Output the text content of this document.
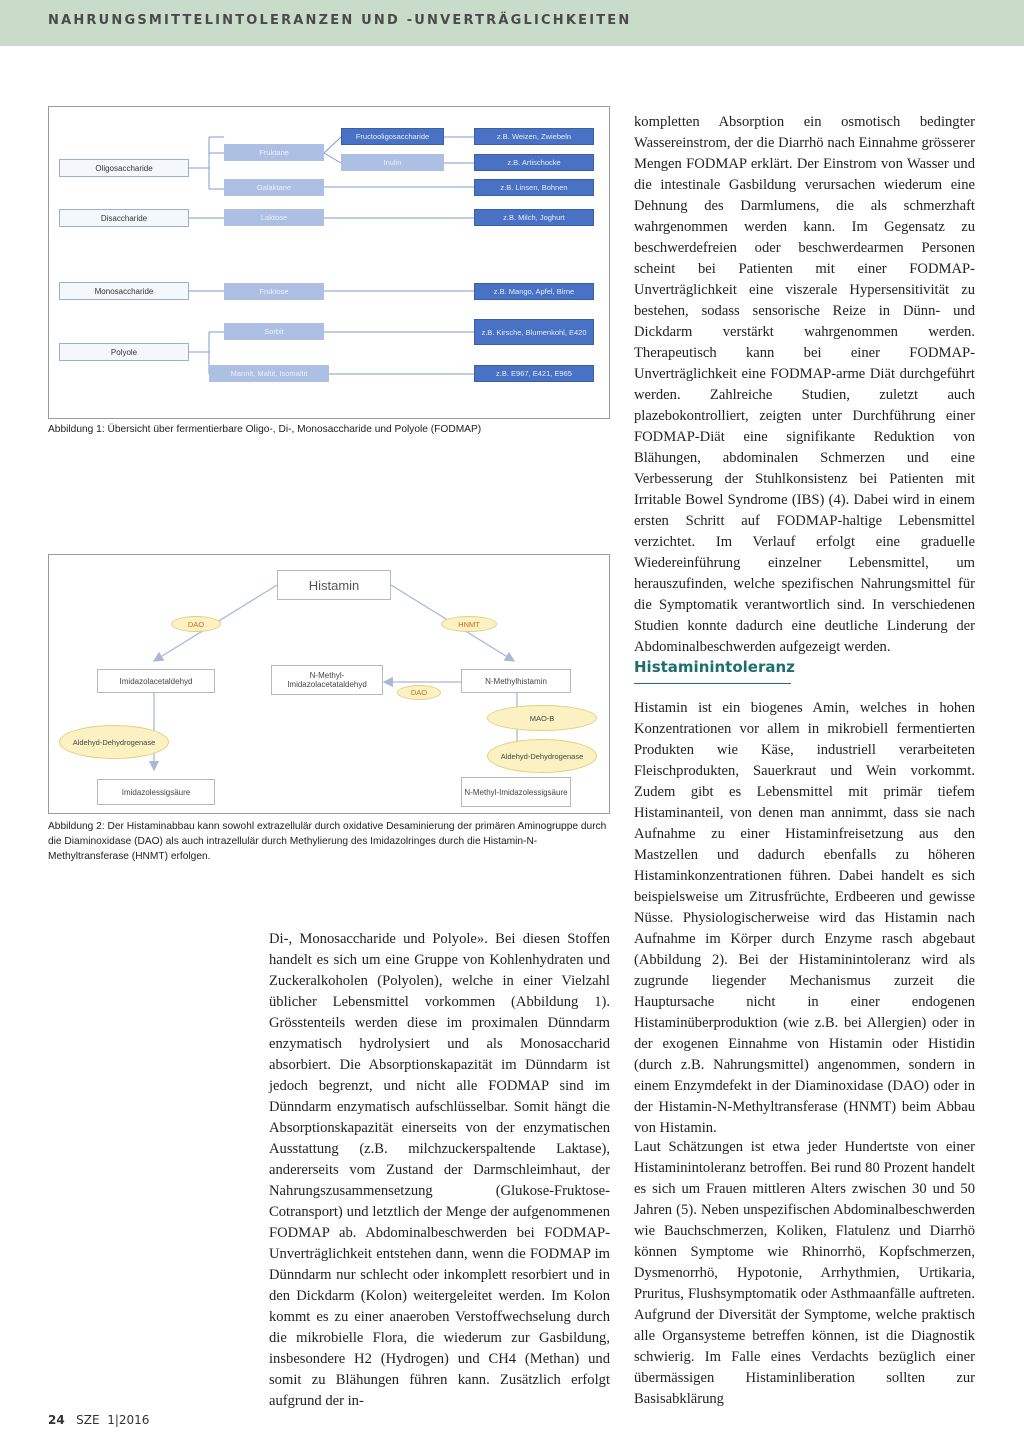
NAHRUNGSMITTELINTOLERANZEN UND -UNVERTRÄGLICHKEITEN
Oligosaccharide
Disaccharide
Monosaccharide
Polyole
Fruktane
Galaktane
Laktose
Fruktose
Sorbit
Mannit, Maltit, Isomaltit
Fructooligosaccharide
Inulin
z.B. Weizen, Zwiebeln
z.B. Artischocke
z.B. Linsen, Bohnen
z.B. Milch, Joghurt
z.B. Mango, Apfel, Birne
z.B. Kirsche, Blumenkohl, E420
z.B. E967, E421, E965
Abbildung 1: Übersicht über fermentierbare Oligo-, Di-, Monosaccharide und Polyole (FODMAP)
Histamin
DAO	HNMT
Imidazolacetaldehyd
N-Methyl-Imidazolacetataldehyd	N-Methylhistamin
DAO
MAO-B
Aldehyd-Dehydrogenase
Aldehyd-Dehydrogenase
Imidazolessigsäure	N-Methyl-Imidazolessigsäure
Abbildung 2: Der Histaminabbau kann sowohl extrazellulär durch oxidative Desaminierung der primären Aminogruppe durch die Diaminoxidase (DAO) als auch intrazellulär durch Methylierung des Imidazolringes durch die Histamin-N-Methyltransferase (HNMT) erfolgen.

Di-, Monosaccharide und Polyole». Bei diesen Stoffen handelt es sich um eine Gruppe von Kohlenhydraten und Zuckeralkoholen (Polyolen), welche in einer Vielzahl üblicher Lebensmittel vorkommen (Abbildung 1). Grösstenteils werden diese im proximalen Dünndarm enzymatisch hydrolysiert und als Monosaccharid absorbiert. Die Absorptionskapazität im Dünndarm ist jedoch begrenzt, und nicht alle FODMAP sind im Dünndarm enzymatisch aufschlüsselbar. Somit hängt die Absorptionskapazität einerseits von der enzymatischen Ausstattung (z.B. milchzuckerspaltende Laktase), andererseits vom Zustand der Darmschleimhaut, der Nahrungszusammensetzung (Glukose-Fruktose-Cotransport) und letztlich der Menge der aufgenommenen FODMAP ab. Abdominalbeschwerden bei FODMAP-Unverträglichkeit entstehen dann, wenn die FODMAP im Dünndarm nur schlecht oder inkomplett resorbiert und in den Dickdarm (Kolon) weitergeleitet werden. Im Kolon kommt es zu einer anaeroben Verstoffwechselung durch die mikrobielle Flora, die wiederum zur Gasbildung, insbesondere H2 (Hydrogen) und CH4 (Methan) und somit zu Blähungen führen kann. Zusätzlich erfolgt aufgrund der in-

kompletten Absorption ein osmotisch bedingter Wassereinstrom, der die Diarrhö nach Einnahme grösserer Mengen FODMAP erklärt. Der Einstrom von Wasser und die intestinale Gasbildung verursachen wiederum eine Dehnung des Darmlumens, die als schmerzhaft wahrgenommen werden kann. Im Gegensatz zu beschwerdefreien oder beschwerdearmen Personen scheint bei Patienten mit einer FODMAP-Unverträglichkeit eine viszerale Hypersensitivität zu bestehen, sodass sensorische Reize in Dünn- und Dickdarm verstärkt wahrgenommen werden. Therapeutisch kann bei einer FODMAP-Unverträglichkeit eine FODMAP-arme Diät durchgeführt werden. Zahlreiche Studien, zuletzt auch plazebokontrolliert, zeigten unter Durchführung einer FODMAP-Diät eine signifikante Reduktion von Blähungen, abdominalen Schmerzen und eine Verbesserung der Stuhlkonsistenz bei Patienten mit Irritable Bowel Syndrome (IBS) (4). Dabei wird in einem ersten Schritt auf FODMAP-haltige Lebensmittel verzichtet. Im Verlauf erfolgt eine graduelle Wiedereinführung einzelner Lebensmittel, um herauszufinden, welche spezifischen Nahrungsmittel für die Symptomatik verantwortlich sind. In verschiedenen Studien konnte dadurch eine deutliche Linderung der Abdominalbeschwerden aufgezeigt werden.

Histaminintoleranz

Histamin ist ein biogenes Amin, welches in hohen Konzentrationen vor allem in mikrobiell fermentierten Produkten wie Käse, industriell verarbeiteten Fleischprodukten, Sauerkraut und Wein vorkommt. Zudem gibt es Lebensmittel mit primär tiefem Histaminanteil, von denen man annimmt, dass sie nach Aufnahme zu einer Histaminfreisetzung aus den Mastzellen und dadurch ebenfalls zu höheren Histaminkonzentrationen führen. Dabei handelt es sich beispielsweise um Zitrusfrüchte, Erdbeeren und gewisse Nüsse. Physiologischerweise wird das Histamin nach Aufnahme im Körper durch Enzyme rasch abgebaut (Abbildung 2). Bei der Histaminintoleranz wird als zugrunde liegender Mechanismus zurzeit die Hauptursache nicht in einer endogenen Histaminüberproduktion (wie z.B. bei Allergien) oder in der exogenen Einnahme von Histamin oder Histidin (durch z.B. Nahrungsmittel) angenommen, sondern in einem Enzymdefekt in der Diaminoxidase (DAO) oder in der Histamin-N-Methyltransferase (HNMT) beim Abbau von Histamin.

Laut Schätzungen ist etwa jeder Hundertste von einer Histaminintoleranz betroffen. Bei rund 80 Prozent handelt es sich um Frauen mittleren Alters zwischen 30 und 50 Jahren (5). Neben unspezifischen Abdominalbeschwerden wie Bauchschmerzen, Koliken, Flatulenz und Diarrhö können Symptome wie Rhinorrhö, Kopfschmerzen, Dysmenorrhö, Hypotonie, Arrhythmien, Urtikaria, Pruritus, Flushsymptomatik oder Asthmaanfälle auftreten. Aufgrund der Diversität der Symptome, welche praktisch alle Organsysteme betreffen können, ist die Diagnostik schwierig. Im Falle eines Verdachts bezüglich einer übermässigen Histaminliberation sollten zur Basisabklärung

24 SZE 1|2016
